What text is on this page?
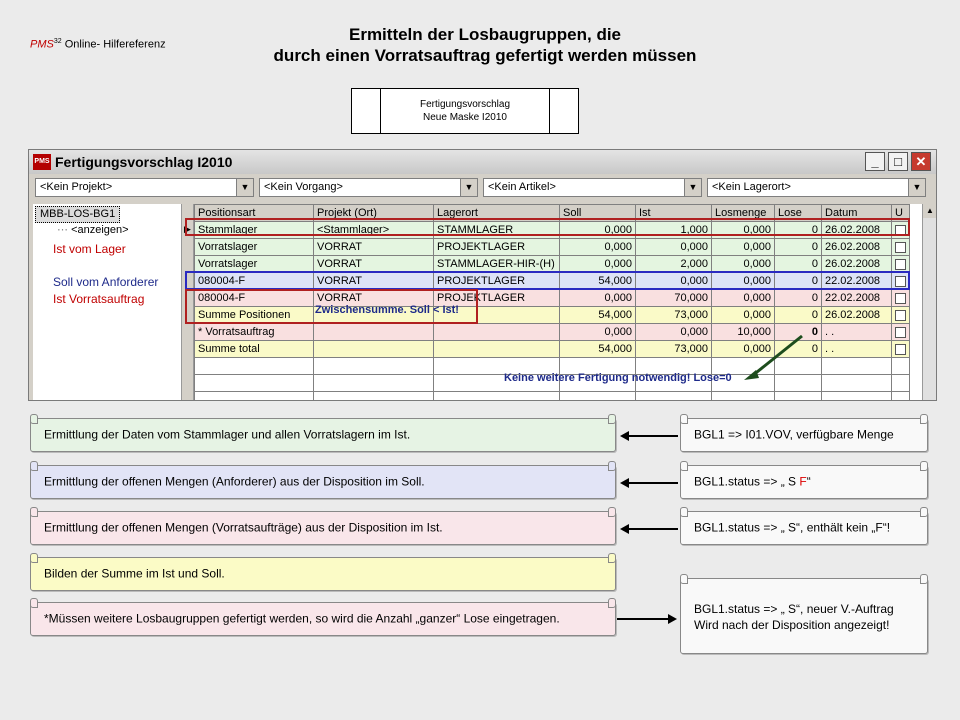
PMS$^{32}$ Online- Hilfereferenz
Ermitteln der Losbaugruppen, die
durch einen Vorratsauftrag gefertigt werden müssen
Fertigungsvorschlag
Neue Maske I2010
PMS Fertigungsvorschlag I2010	_	□	✕
<Kein Projekt>	▼	<Kein Vorgang>	▼	<Kein Artikel>	▼	<Kein Lagerort>	▼
MBB-LOS-BG1
⋯ <anzeigen>
Ist vom Lager
Soll vom Anforderer
Ist Vorratsauftrag
▶
Positionsart	Projekt (Ort)	Lagerort	Soll	Ist	Losmenge	Lose	Datum	U
Stammlager	<Stammlager>	STAMMLAGER	0,000	1,000	0,000	0	26.02.2008	
Vorratslager	VORRAT	PROJEKTLAGER	0,000	0,000	0,000	0	26.02.2008	
Vorratslager	VORRAT	STAMMLAGER-HIR-(H)	0,000	2,000	0,000	0	26.02.2008	
080004-F	VORRAT	PROJEKTLAGER	54,000	0,000	0,000	0	22.02.2008	
080004-F	VORRAT	PROJEKTLAGER	0,000	70,000	0,000	0	22.02.2008	
Summe Positionen			54,000	73,000	0,000	0	26.02.2008	
* Vorratsauftrag			0,000	0,000	10,000	0	. .	
Summe total			54,000	73,000	0,000	0	. .	

▲
Zwischensumme. Soll < Ist!
Keine weitere Fertigung notwendig! Lose=0
Ermittlung der Daten vom Stammlager und allen Vorratslagern im Ist.
Ermittlung der offenen Mengen (Anforderer) aus der Disposition im Soll.
Ermittlung der offenen Mengen (Vorratsaufträge) aus der Disposition im Ist.
Bilden der Summe im Ist und Soll.
*Müssen weitere Losbaugruppen gefertigt werden, so wird die Anzahl „ganzer“ Lose eingetragen.
BGL1 => I01.VOV, verfügbare Menge
BGL1.status => „ S F“
BGL1.status => „ S“, enthält kein „F“!
BGL1.status => „ S“, neuer V.-Auftrag
Wird nach der Disposition angezeigt!
